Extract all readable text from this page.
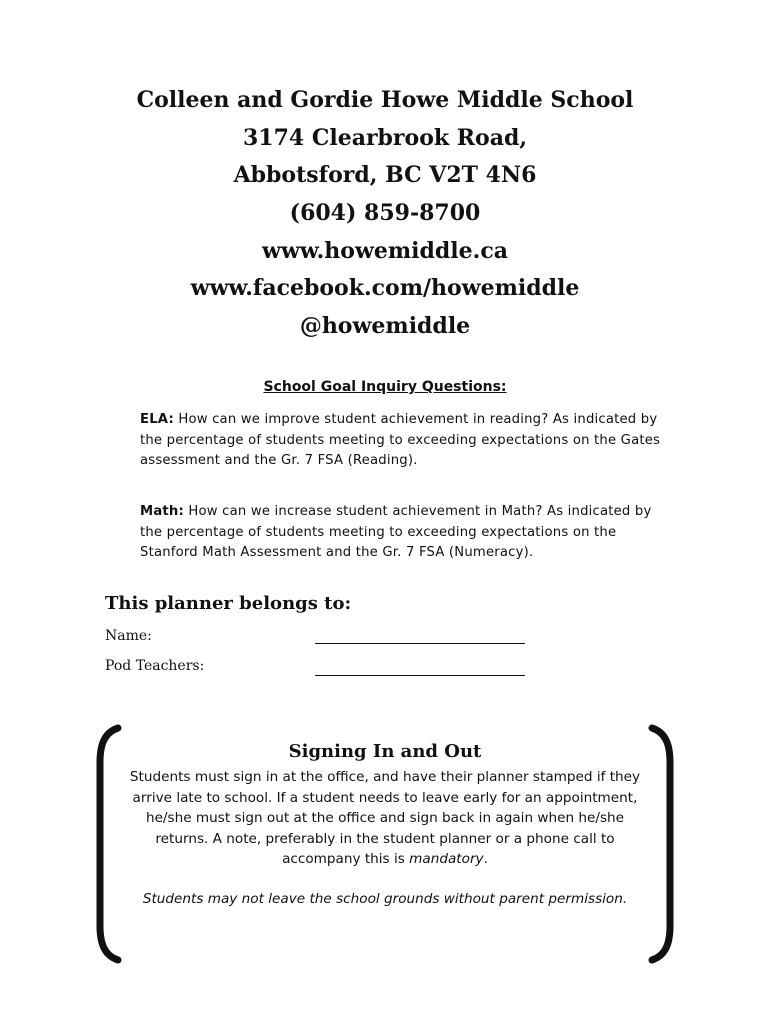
Colleen and Gordie Howe Middle School
3174 Clearbrook Road,
Abbotsford, BC V2T 4N6
(604) 859-8700
www.howemiddle.ca
www.facebook.com/howemiddle
@howemiddle
School Goal Inquiry Questions:
ELA: How can we improve student achievement in reading? As indicated by the percentage of students meeting to exceeding expectations on the Gates assessment and the Gr. 7 FSA (Reading).
Math: How can we increase student achievement in Math? As indicated by the percentage of students meeting to exceeding expectations on the Stanford Math Assessment and the Gr. 7 FSA (Numeracy).
This planner belongs to:
Name:
Pod Teachers:
Signing In and Out
Students must sign in at the office, and have their planner stamped if they arrive late to school. If a student needs to leave early for an appointment, he/she must sign out at the office and sign back in again when he/she returns. A note, preferably in the student planner or a phone call to accompany this is mandatory.
Students may not leave the school grounds without parent permission.
